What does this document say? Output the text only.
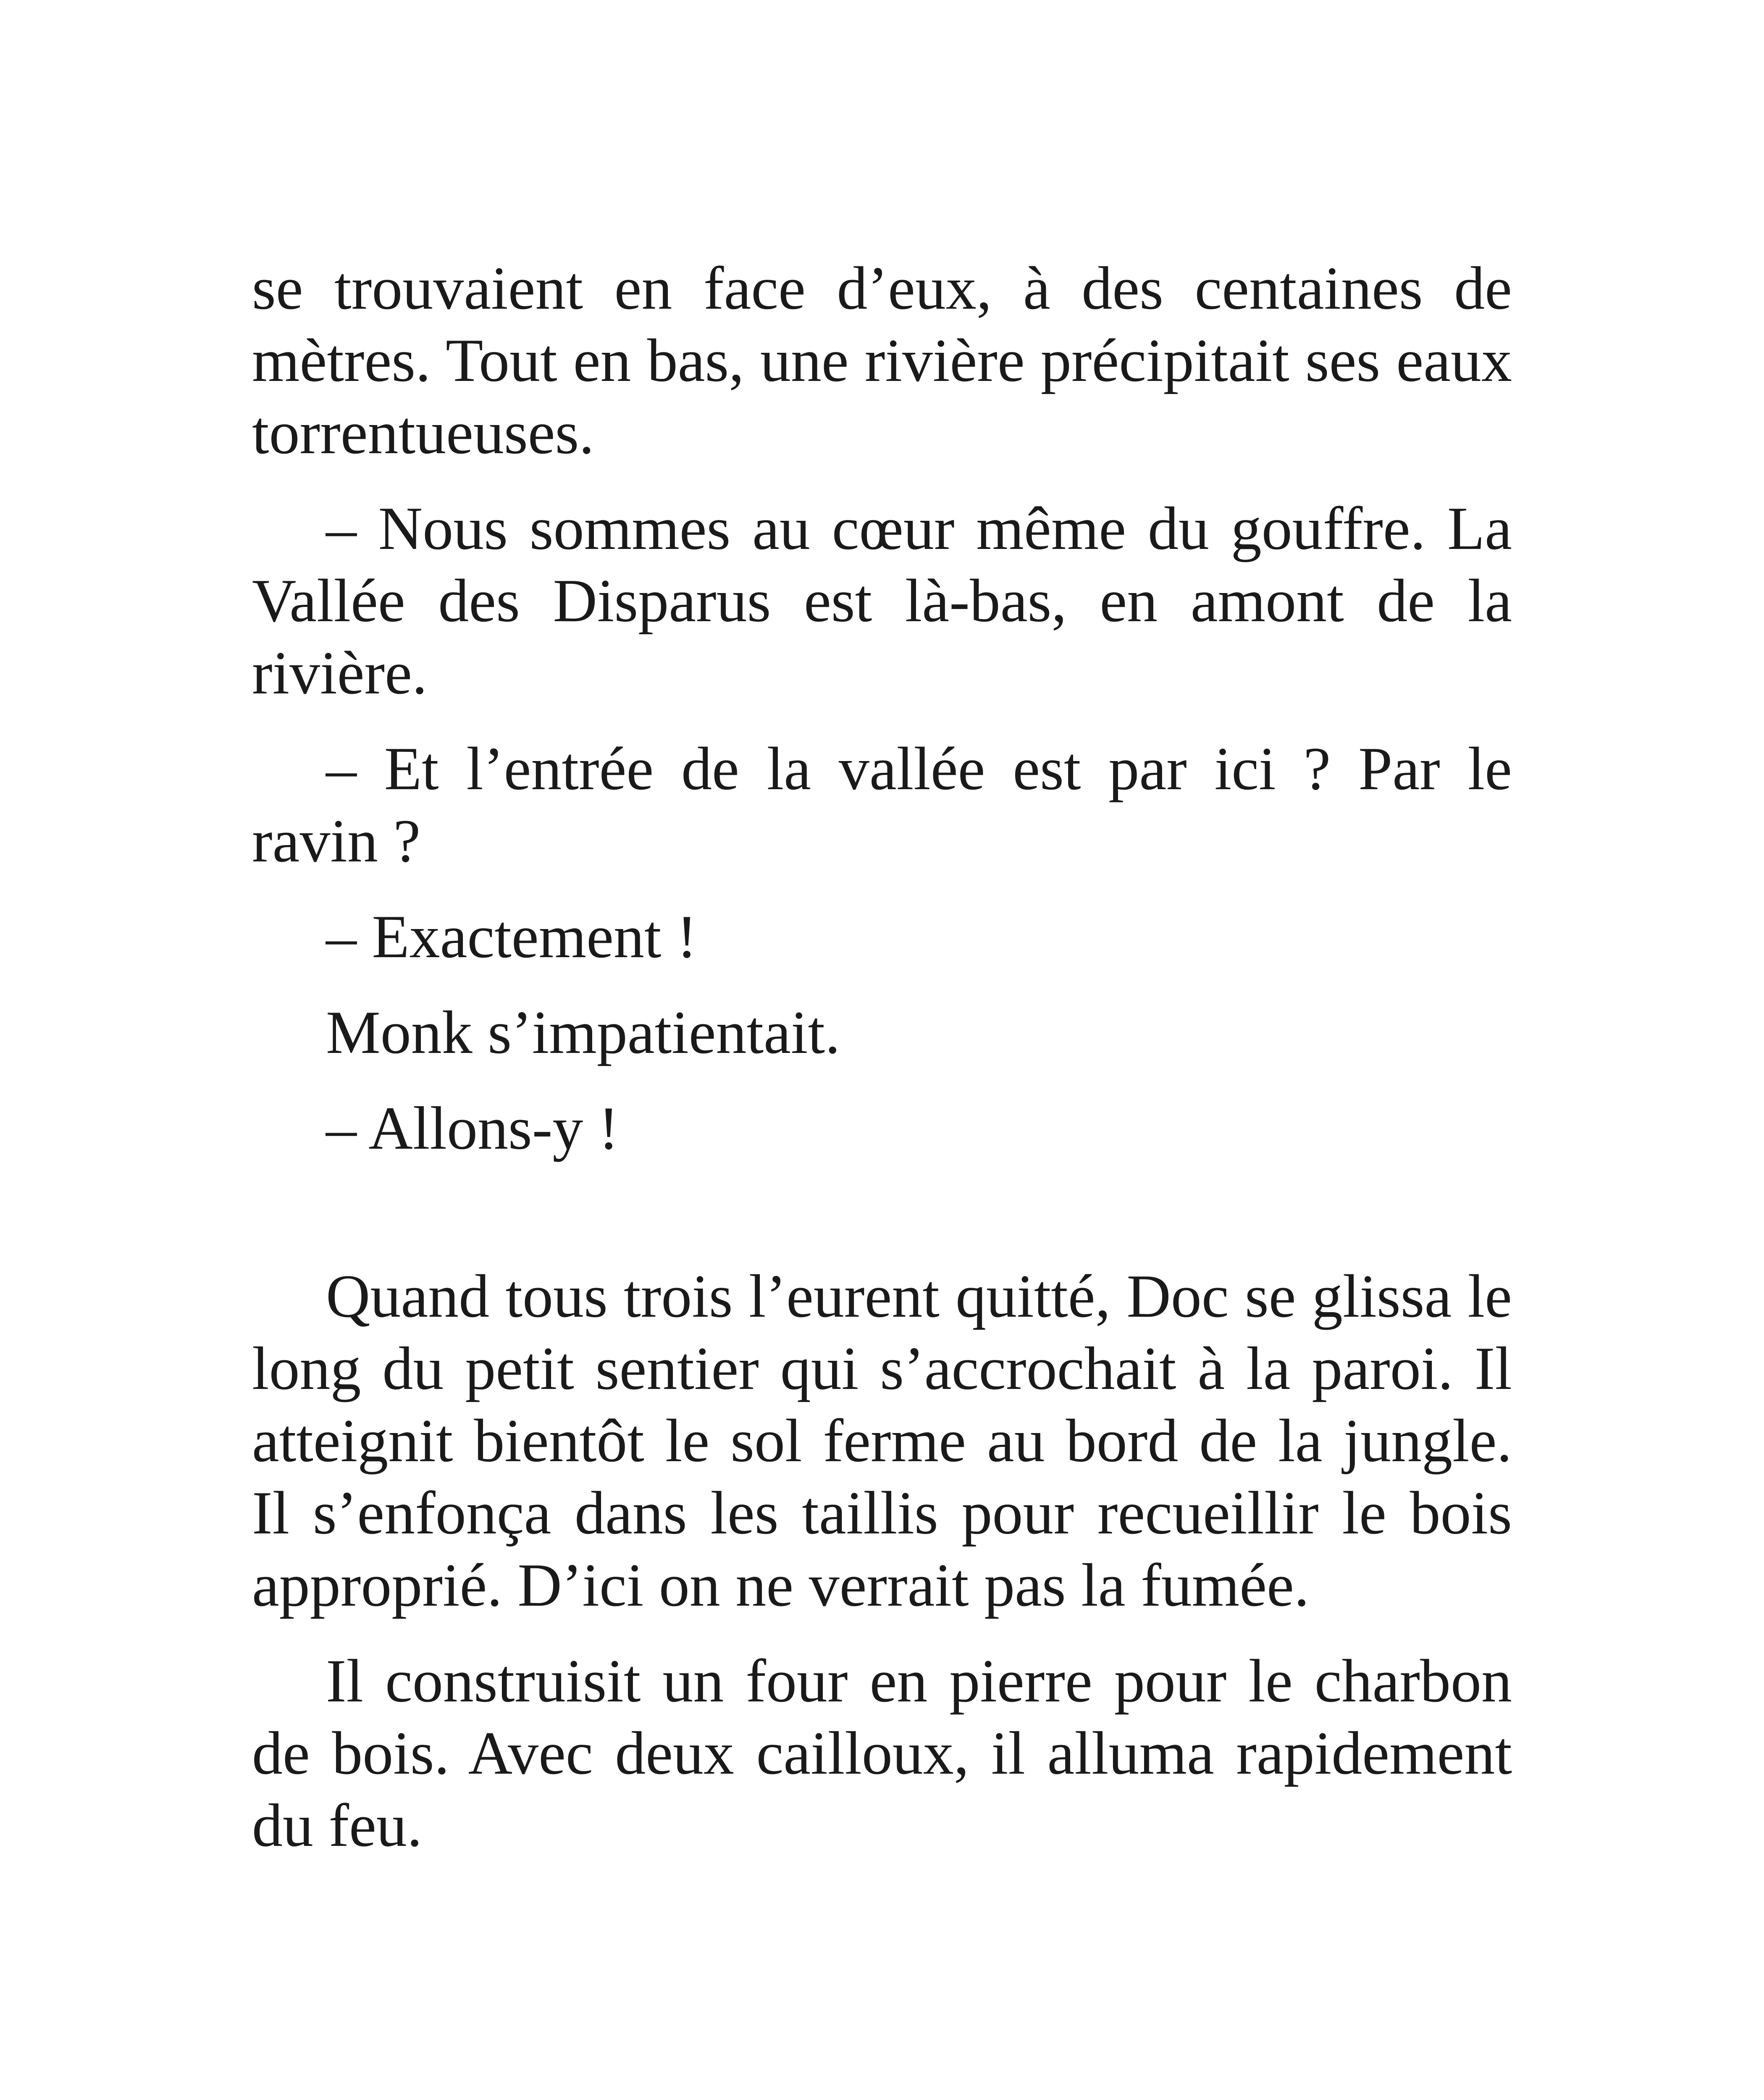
se trouvaient en face d’eux, à des centaines de mètres. Tout en bas, une rivière précipitait ses eaux torrentueuses.

– Nous sommes au cœur même du gouffre. La Vallée des Disparus est là-bas, en amont de la rivière.

– Et l’entrée de la vallée est par ici ? Par le ravin ?

– Exactement !

Monk s’impatientait.

– Allons-y !

Quand tous trois l’eurent quitté, Doc se glissa le long du petit sentier qui s’accrochait à la paroi. Il atteignit bientôt le sol ferme au bord de la jungle. Il s’enfonça dans les taillis pour recueillir le bois approprié. D’ici on ne verrait pas la fumée.

Il construisit un four en pierre pour le charbon de bois. Avec deux cailloux, il alluma rapidement du feu.
